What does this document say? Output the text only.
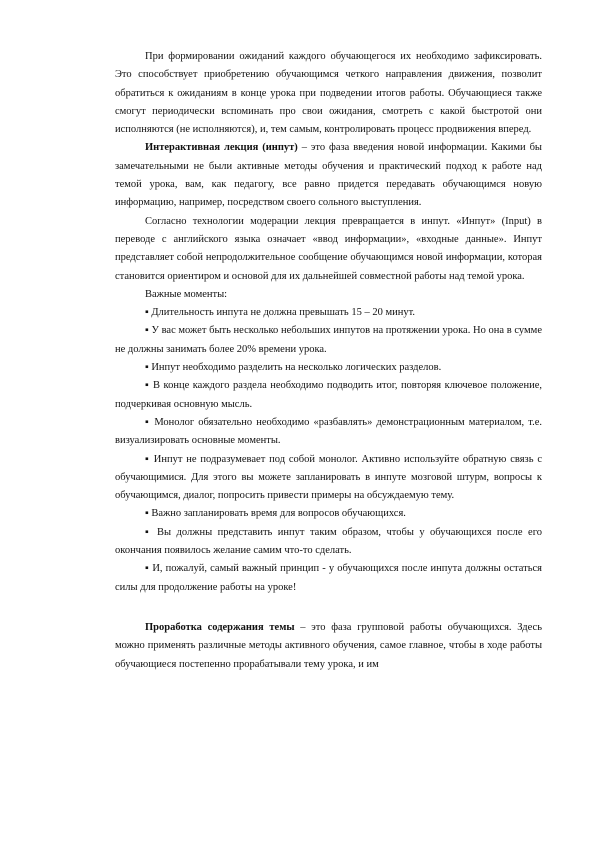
При формировании ожиданий каждого обучающегося их необходимо зафиксировать. Это способствует приобретению обучающимся четкого направления движения, позволит обратиться к ожиданиям в конце урока при подведении итогов работы. Обучающиеся также смогут периодически вспоминать про свои ожидания, смотреть с какой быстротой они исполняются (не исполняются), и, тем самым, контролировать процесс продвижения вперед.

Интерактивная лекция (инпут) – это фаза введения новой информации. Какими бы замечательными не были активные методы обучения и практический подход к работе над темой урока, вам, как педагогу, все равно придется передавать обучающимся новую информацию, например, посредством своего сольного выступления.

Согласно технологии модерации лекция превращается в инпут. «Инпут» (Input) в переводе с английского языка означает «ввод информации», «входные данные». Инпут представляет собой непродолжительное сообщение обучающимся новой информации, которая становится ориентиром и основой для их дальнейшей совместной работы над темой урока.

Важные моменты:

▪ Длительность инпута не должна превышать 15 – 20 минут.

▪ У вас может быть несколько небольших инпутов на протяжении урока. Но она в сумме не должны занимать более 20% времени урока.

▪ Инпут необходимо разделить на несколько логических разделов.

▪ В конце каждого раздела необходимо подводить итог, повторяя ключевое положение, подчеркивая основную мысль.

▪ Монолог обязательно необходимо «разбавлять» демонстрационным материалом, т.е. визуализировать основные моменты.

▪ Инпут не подразумевает под собой монолог. Активно используйте обратную связь с обучающимися. Для этого вы можете запланировать в инпуте мозговой штурм, вопросы к обучающимся, диалог, попросить привести примеры на обсуждаемую тему.

▪ Важно запланировать время для вопросов обучающихся.

▪ Вы должны представить инпут таким образом, чтобы у обучающихся после его окончания появилось желание самим что-то сделать.

▪ И, пожалуй, самый важный принцип - у обучающихся после инпута должны остаться силы для продолжение работы на уроке!

Проработка содержания темы – это фаза групповой работы обучающихся. Здесь можно применять различные методы активного обучения, самое главное, чтобы в ходе работы обучающиеся постепенно прорабатывали тему урока, и им
